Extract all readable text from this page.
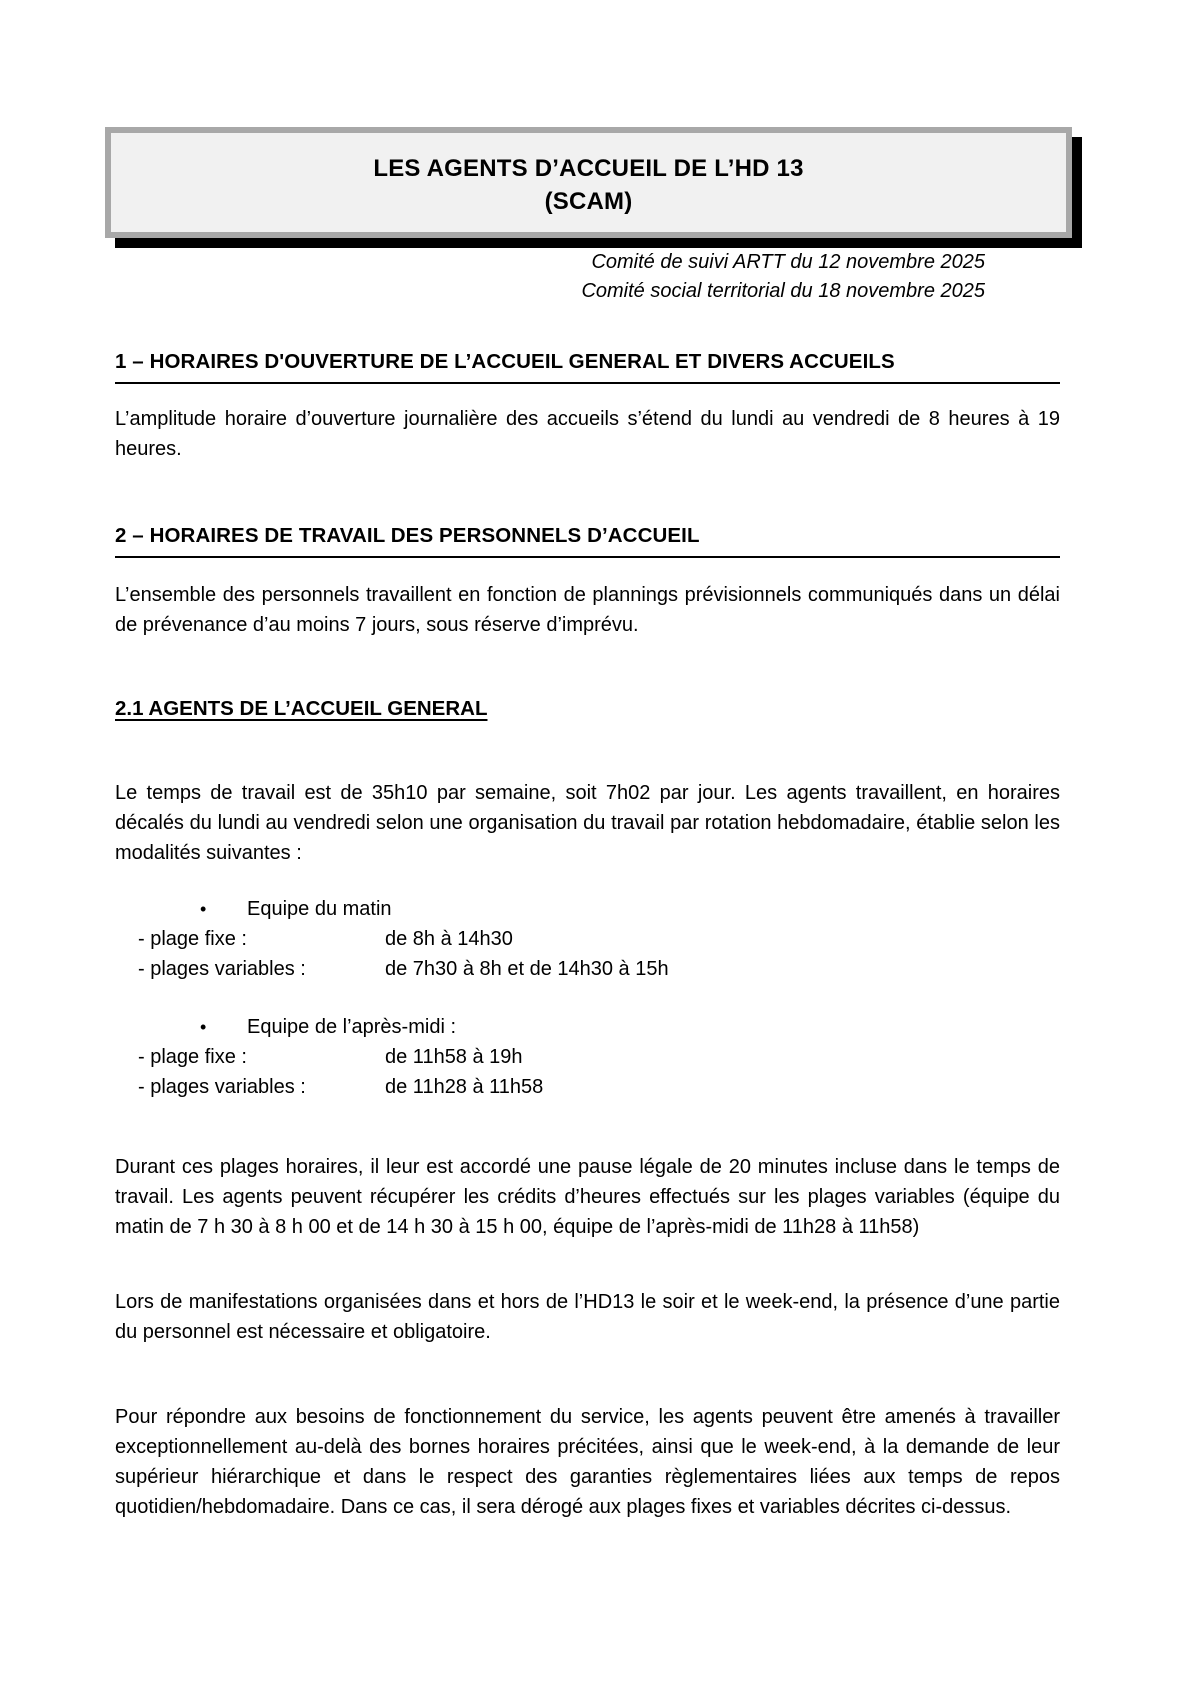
LES AGENTS D’ACCUEIL DE L’HD 13
(SCAM)
Comité de suivi ARTT du 12 novembre 2025
Comité social territorial du 18 novembre 2025
1 – HORAIRES D'OUVERTURE DE L’ACCUEIL GENERAL ET DIVERS ACCUEILS

L’amplitude horaire d’ouverture journalière des accueils s’étend du lundi au vendredi de 8 heures à 19 heures.

2 – HORAIRES DE TRAVAIL DES PERSONNELS D’ACCUEIL

L’ensemble des personnels travaillent en fonction de plannings prévisionnels communiqués dans un délai de prévenance d’au moins 7 jours, sous réserve d’imprévu.

2.1 AGENTS DE L’ACCUEIL GENERAL

Le temps de travail est de 35h10 par semaine, soit 7h02 par jour. Les agents travaillent, en horaires décalés du lundi au vendredi selon une organisation du travail par rotation hebdomadaire, établie selon les modalités suivantes :

• Equipe du matin
- plage fixe :	de 8h à 14h30
- plages variables :	de 7h30 à 8h et de 14h30 à 15h
• Equipe de l’après-midi :
- plage fixe :	de 11h58 à 19h
- plages variables :	de 11h28 à 11h58

Durant ces plages horaires, il leur est accordé une pause légale de 20 minutes incluse dans le temps de travail. Les agents peuvent récupérer les crédits d’heures effectués sur les plages variables (équipe du matin de 7 h 30 à 8 h 00 et de 14 h 30 à 15 h 00, équipe de l’après-midi de 11h28 à 11h58)

Lors de manifestations organisées dans et hors de l’HD13 le soir et le week-end, la présence d’une partie du personnel est nécessaire et obligatoire.

Pour répondre aux besoins de fonctionnement du service, les agents peuvent être amenés à travailler exceptionnellement au-delà des bornes horaires précitées, ainsi que le week-end, à la demande de leur supérieur hiérarchique et dans le respect des garanties règlementaires liées aux temps de repos quotidien/hebdomadaire. Dans ce cas, il sera dérogé aux plages fixes et variables décrites ci-dessus.
